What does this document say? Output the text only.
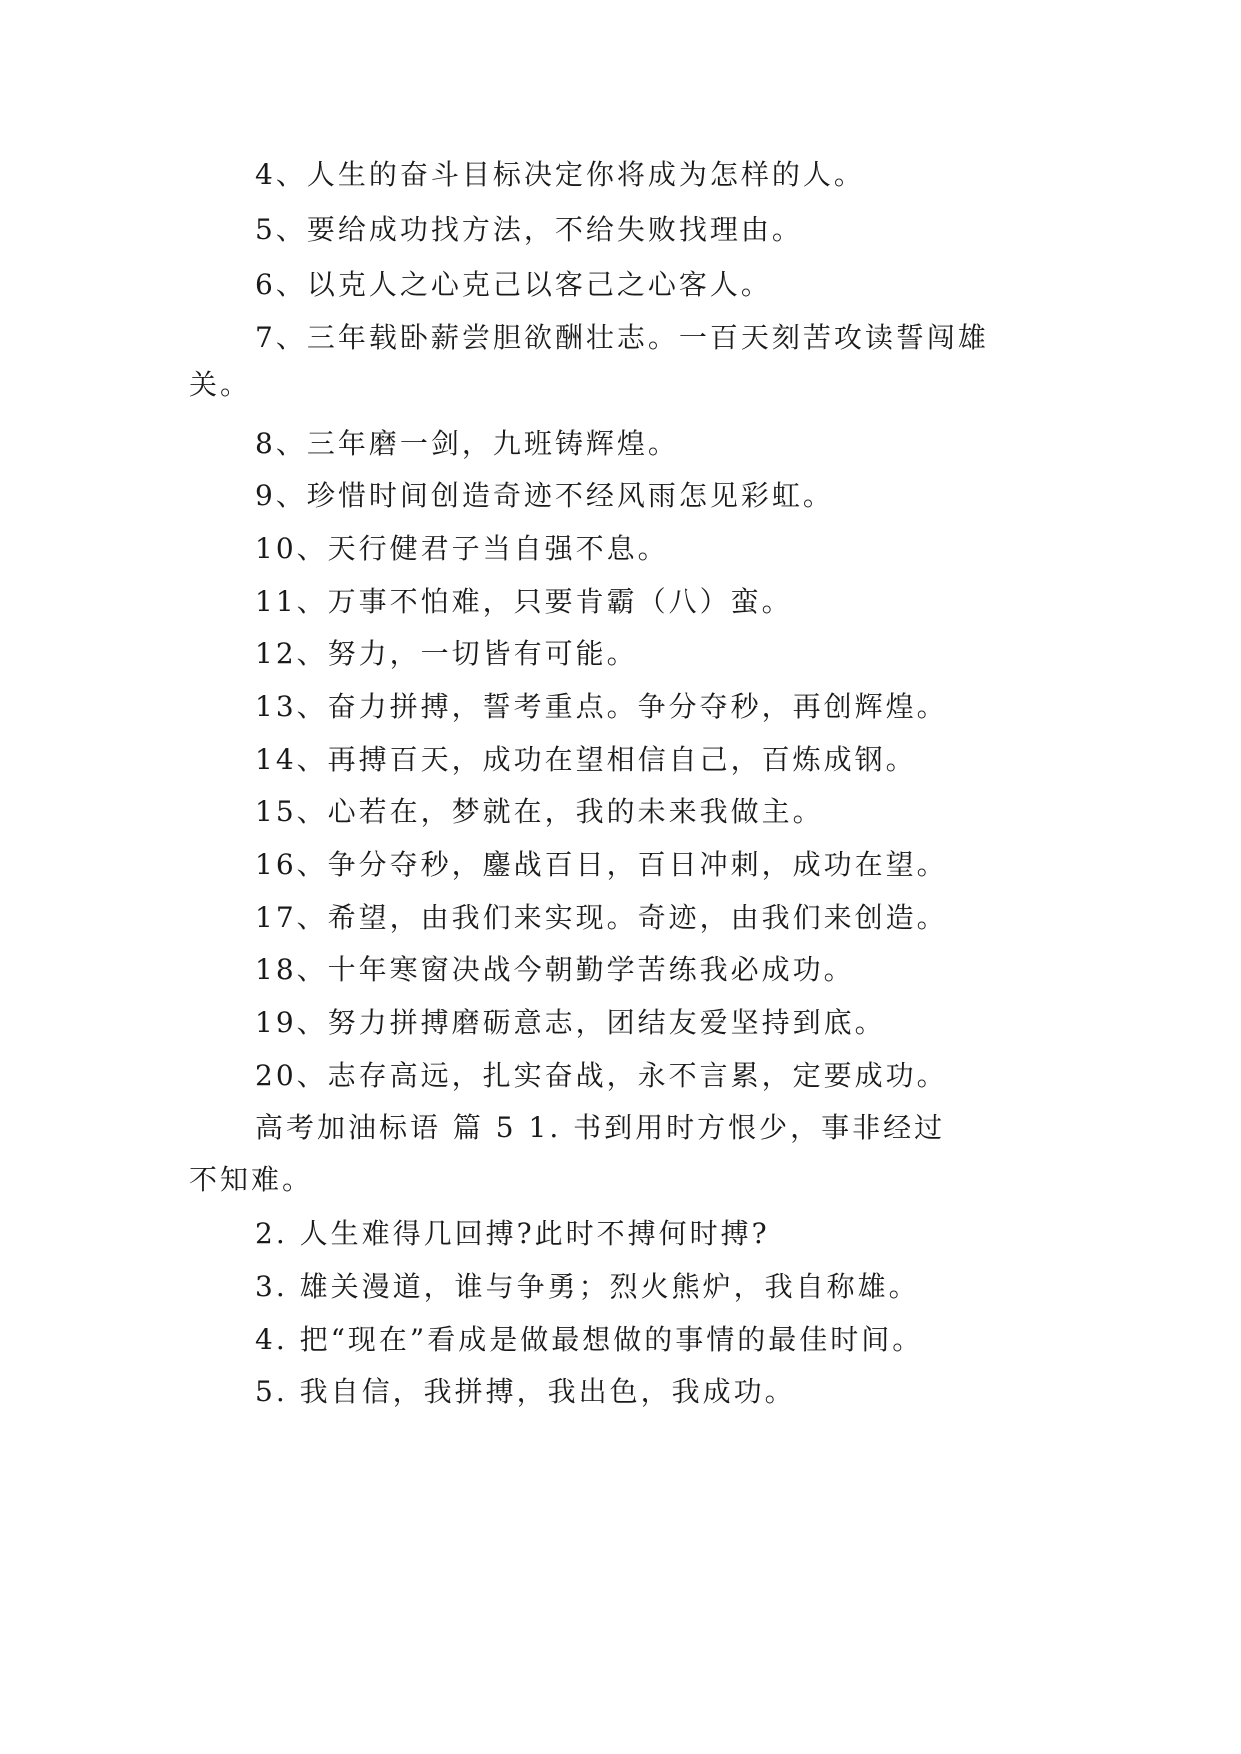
4、人生的奋斗目标决定你将成为怎样的人。
5、要给成功找方法，不给失败找理由。
6、以克人之心克己以客己之心客人。
7、三年载卧薪尝胆欲酬壮志。一百天刻苦攻读誓闯雄
关。
8、三年磨一剑，九班铸辉煌。
9、珍惜时间创造奇迹不经风雨怎见彩虹。
10、天行健君子当自强不息。
11、万事不怕难，只要肯霸（八）蛮。
12、努力，一切皆有可能。
13、奋力拼搏，誓考重点。争分夺秒，再创辉煌。
14、再搏百天，成功在望相信自己，百炼成钢。
15、心若在，梦就在，我的未来我做主。
16、争分夺秒，鏖战百日，百日冲刺，成功在望。
17、希望，由我们来实现。奇迹，由我们来创造。
18、十年寒窗决战今朝勤学苦练我必成功。
19、努力拼搏磨砺意志，团结友爱坚持到底。
20、志存高远，扎实奋战，永不言累，定要成功。
高考加油标语 篇 5 1. 书到用时方恨少，事非经过
不知难。
2. 人生难得几回搏?此时不搏何时搏?
3. 雄关漫道，谁与争勇；烈火熊炉，我自称雄。
4. 把“现在”看成是做最想做的事情的最佳时间。
5. 我自信，我拼搏，我出色，我成功。
